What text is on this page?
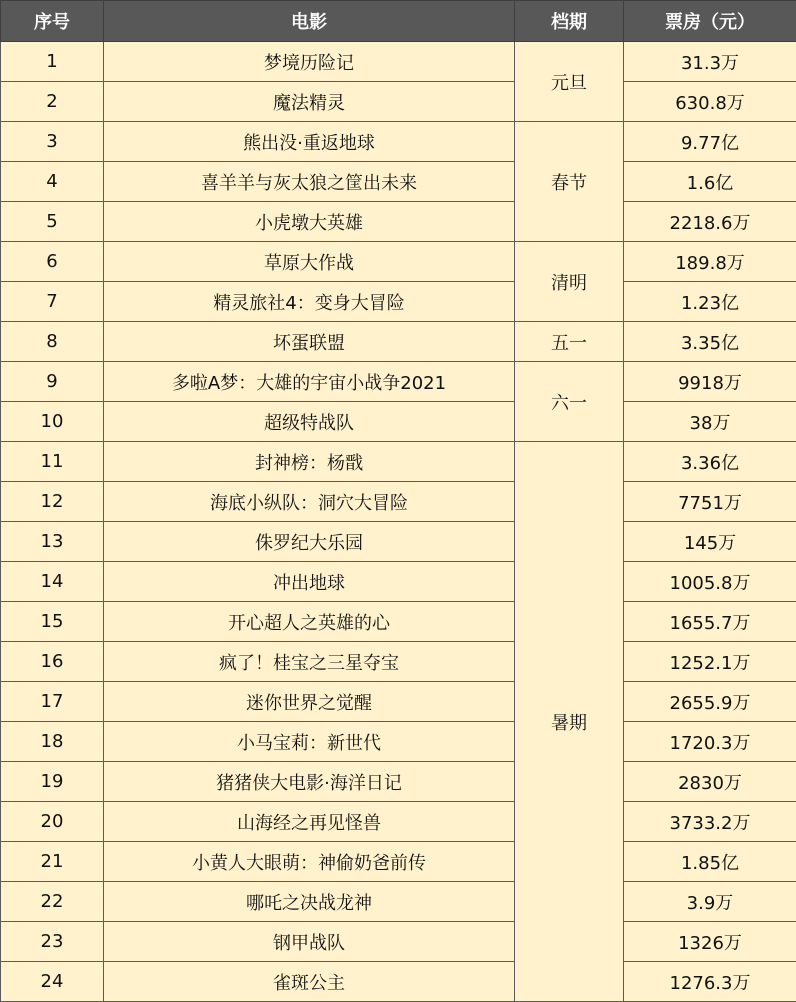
序号	电影	档期	票房（元）
1	梦境历险记	元旦	31.3万
2	魔法精灵		630.8万
3	熊出没·重返地球	春节	9.77亿
4	喜羊羊与灰太狼之筐出未来		1.6亿
5	小虎墩大英雄		2218.6万
6	草原大作战	清明	189.8万
7	精灵旅社4：变身大冒险		1.23亿
8	坏蛋联盟	五一	3.35亿
9	多啦A梦：大雄的宇宙小战争2021	六一	9918万
10	超级特战队		38万
11	封神榜：杨戬	暑期	3.36亿
12	海底小纵队：洞穴大冒险		7751万
13	侏罗纪大乐园		145万
14	冲出地球		1005.8万
15	开心超人之英雄的心		1655.7万
16	疯了！桂宝之三星夺宝		1252.1万
17	迷你世界之觉醒		2655.9万
18	小马宝莉：新世代		1720.3万
19	猪猪侠大电影·海洋日记		2830万
20	山海经之再见怪兽		3733.2万
21	小黄人大眼萌：神偷奶爸前传		1.85亿
22	哪吒之决战龙神		3.9万
23	钢甲战队		1326万
24	雀斑公主		1276.3万
